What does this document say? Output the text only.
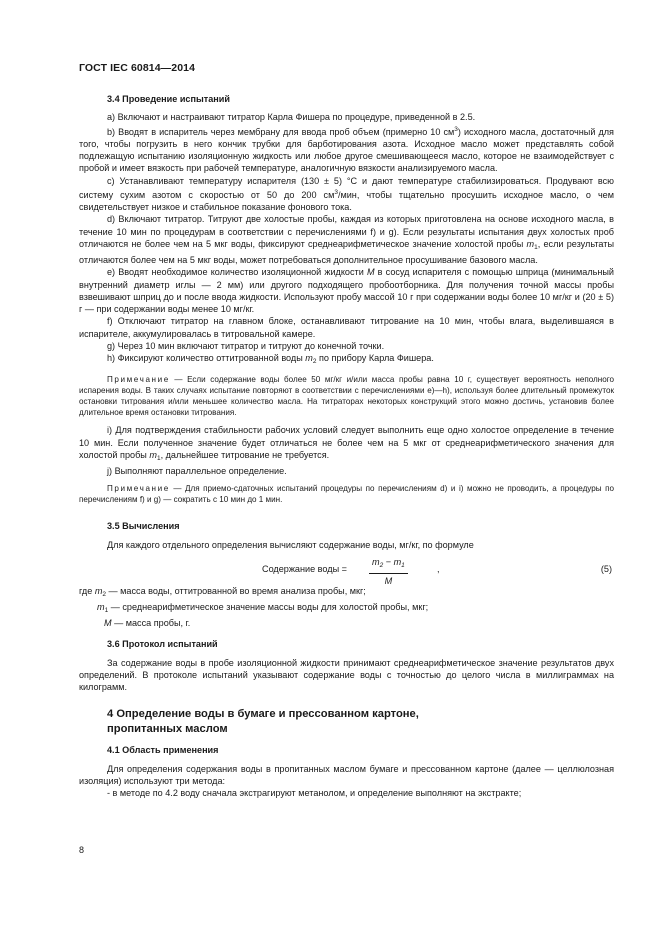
ГОСТ IEC 60814—2014
3.4 Проведение испытаний
а) Включают и настраивают титратор Карла Фишера по процедуре, приведенной в 2.5.
b) Вводят в испаритель через мембрану для ввода проб объем (примерно 10 $см^3$) исходного масла, достаточный для того, чтобы погрузить в него кончик трубки для барботирования азота. Исходное масло может представлять собой подлежащую испытанию изоляционную жидкость или любое другое смешивающееся масло, которое не взаимодействует с пробой и имеет вязкость при рабочей температуре, аналогичную вязкости анализируемого масла.
с) Устанавливают температуру испарителя (130 ± 5) °С и дают температуре стабилизироваться. Продувают всю систему сухим азотом с скоростью от 50 до 200 $см^3$/мин, чтобы тщательно просушить исходное масло, о чем свидетельствует низкое и стабильное показание фонового тока.
d) Включают титратор. Титруют две холостые пробы, каждая из которых приготовлена на основе исходного масла, в течение 10 мин по процедурам в соответствии с перечислениями f) и g). Если результаты испытания двух холостых проб отличаются не более чем на 5 мкг воды, фиксируют среднеарифметическое значение холостой пробы $m_1$, если результаты отличаются более чем на 5 мкг воды, может потребоваться дополнительное просушивание базового масла.
е) Вводят необходимое количество изоляционной жидкости M в сосуд испарителя с помощью шприца (минимальный внутренний диаметр иглы — 2 мм) или другого подходящего пробоотборника. Для получения точной массы пробы взвешивают шприц до и после ввода жидкости. Используют пробу массой 10 г при содержании воды более 10 мг/кг и (20 ± 5) г — при содержании воды менее 10 мг/кг.
f) Отключают титратор на главном блоке, останавливают титрование на 10 мин, чтобы влага, выделившаяся в испарителе, аккумулировалась в титровальной камере.
g) Через 10 мин включают титратор и титруют до конечной точки.
h) Фиксируют количество оттитрованной воды $m_2$ по прибору Карла Фишера.
Примечание — Если содержание воды более 50 мг/кг и/или масса пробы равна 10 г, существует вероятность неполного испарения воды. В таких случаях испытание повторяют в соответствии с перечислениями е)—h), используя более длительный промежуток остановки титрования и/или меньшее количество масла. На титраторах некоторых конструкций этого можно достичь, установив более длительное время остановки титрования.
i) Для подтверждения стабильности рабочих условий следует выполнить еще одно холостое определение в течение 10 мин. Если полученное значение будет отличаться не более чем на 5 мкг от среднеарифметического значения для холостой пробы $m_1$, дальнейшее титрование не требуется.
j) Выполняют параллельное определение.
Примечание — Для приемо-сдаточных испытаний процедуры по перечислениям d) и i) можно не проводить, а процедуры по перечислениям f) и g) — сократить с 10 мин до 1 мин.
3.5 Вычисления
Для каждого отдельного определения вычисляют содержание воды, мг/кг, по формуле
Содержание воды = $\frac{m_2 - m_1}{M}$	,	(5)
где $m_2$ — масса воды, оттитрованной во время анализа пробы, мкг;
$m_1$ — среднеарифметическое значение массы воды для холостой пробы, мкг;
M — масса пробы, г.
3.6 Протокол испытаний
За содержание воды в пробе изоляционной жидкости принимают среднеарифметическое значение результатов двух определений. В протоколе испытаний указывают содержание воды с точностью до целого числа в миллиграммах на килограмм.
4 Определение воды в бумаге и прессованном картоне,
пропитанных маслом
4.1 Область применения
Для определения содержания воды в пропитанных маслом бумаге и прессованном картоне (далее — целлюлозная изоляция) используют три метода:
- в методе по 4.2 воду сначала экстрагируют метанолом, и определение выполняют на экстракте;
8
